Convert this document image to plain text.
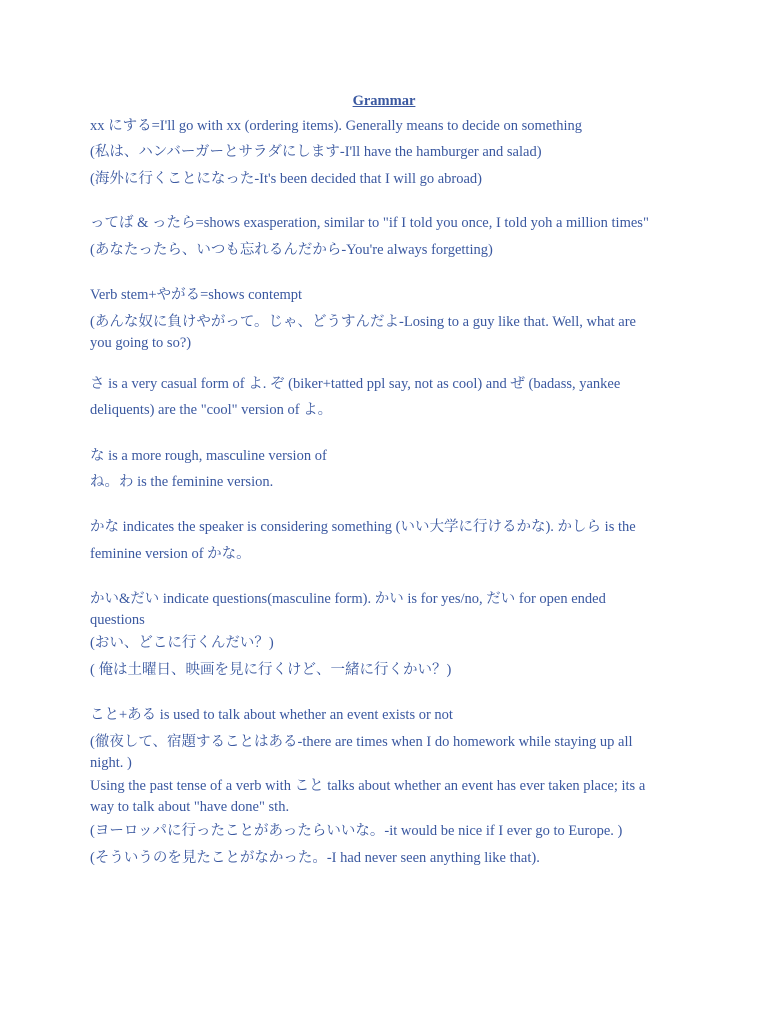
Grammar
xx にする=I'll go with xx (ordering items). Generally means to decide on something
(私は、ハンバーガーとサラダにします-I'll have the hamburger and salad)
(海外に行くことになった-It's been decided that I will go abroad)
ってば & ったら=shows exasperation, similar to "if I told you once, I told yoh a million times"
(あなたったら、いつも忘れるんだから-You're always forgetting)
Verb stem+やがる=shows contempt
(あんな奴に負けやがって。じゃ、どうすんだよ-Losing to a guy like that. Well, what are
you going to so?)
さ is a very casual form of よ. ぞ (biker+tatted ppl say, not as cool) and ぜ (badass, yankee
deliquents) are the "cool" version of よ。
な is a more rough, masculine version of
ね。わ is the feminine version.
かな indicates the speaker is considering something (いい大学に行けるかな). かしら is the
feminine version of かな。
かい&だい indicate questions(masculine form). かい is for yes/no, だい for open ended
questions
(おい、どこに行くんだい？)
( 俺は土曜日、映画を見に行くけど、一緒に行くかい？)
こと+ある is used to talk about whether an event exists or not
(徹夜して、宿題することはある-there are times when I do homework while staying up all
night. )
Using the past tense of a verb with こと talks about whether an event has ever taken place; its a
way to talk about "have done" sth.
(ヨーロッパに行ったことがあったらいいな。-it would be nice if I ever go to Europe. )
(そういうのを見たことがなかった。-I had never seen anything like that).
